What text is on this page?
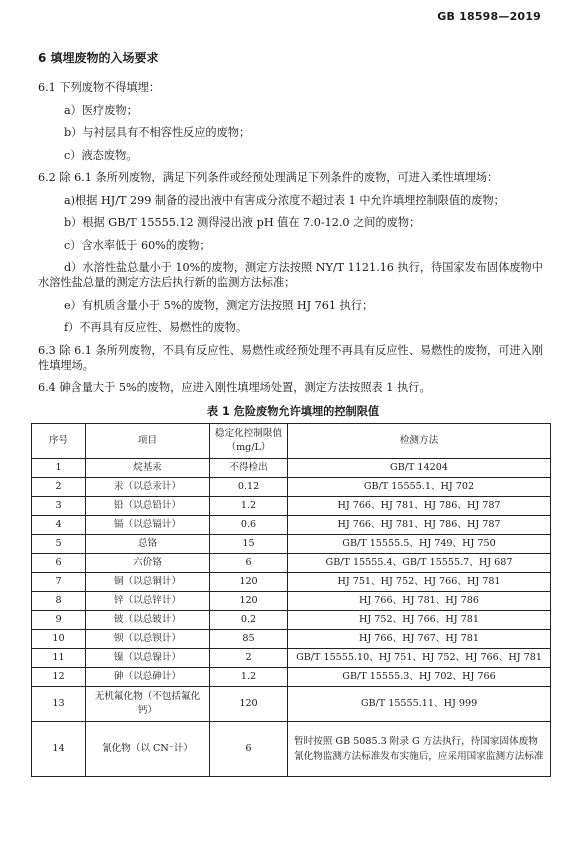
GB 18598—2019
6 填埋废物的入场要求
6.1 下列废物不得填埋：
a）医疗废物；
b）与衬层具有不相容性反应的废物；
c）液态废物。
6.2 除 6.1 条所列废物，满足下列条件或经预处理满足下列条件的废物，可进入柔性填埋场：
a)根据 HJ/T 299 制备的浸出液中有害成分浓度不超过表 1 中允许填埋控制限值的废物；
b）根据 GB/T 15555.12 测得浸出液 pH 值在 7.0-12.0 之间的废物；
c）含水率低于 60%的废物；
d）水溶性盐总量小于 10%的废物，测定方法按照 NY/T 1121.16 执行，待国家发布固体废物中水溶性盐总量的测定方法后执行新的监测方法标准；
e）有机质含量小于 5%的废物，测定方法按照 HJ 761 执行；
f）不再具有反应性、易燃性的废物。
6.3 除 6.1 条所列废物，不具有反应性、易燃性或经预处理不再具有反应性、易燃性的废物，可进入刚性填埋场。
6.4 砷含量大于 5%的废物，应进入刚性填埋场处置，测定方法按照表 1 执行。
表 1 危险废物允许填埋的控制限值
序号	项目	稳定化控制限值（mg/L）	检测方法
1	烷基汞	不得检出	GB/T 14204
2	汞（以总汞计）	0.12	GB/T 15555.1、HJ 702
3	铅（以总铅计）	1.2	HJ 766、HJ 781、HJ 786、HJ 787
4	镉（以总镉计）	0.6	HJ 766、HJ 781、HJ 786、HJ 787
5	总铬	15	GB/T 15555.5、HJ 749、HJ 750
6	六价铬	6	GB/T 15555.4、GB/T 15555.7、HJ 687
7	铜（以总铜计）	120	HJ 751、HJ 752、HJ 766、HJ 781
8	锌（以总锌计）	120	HJ 766、HJ 781、HJ 786
9	铍（以总铍计）	0.2	HJ 752、HJ 766、HJ 781
10	钡（以总钡计）	85	HJ 766、HJ 767、HJ 781
11	镍（以总镍计）	2	GB/T 15555.10、HJ 751、HJ 752、HJ 766、HJ 781
12	砷（以总砷计）	1.2	GB/T 15555.3、HJ 702、HJ 766
13	无机氟化物（不包括氟化钙）	120	GB/T 15555.11、HJ 999
14	氰化物（以 CN⁻计）	6	暂时按照 GB 5085.3 附录 G 方法执行，待国家固体废物氰化物监测方法标准发布实施后，应采用国家监测方法标准
